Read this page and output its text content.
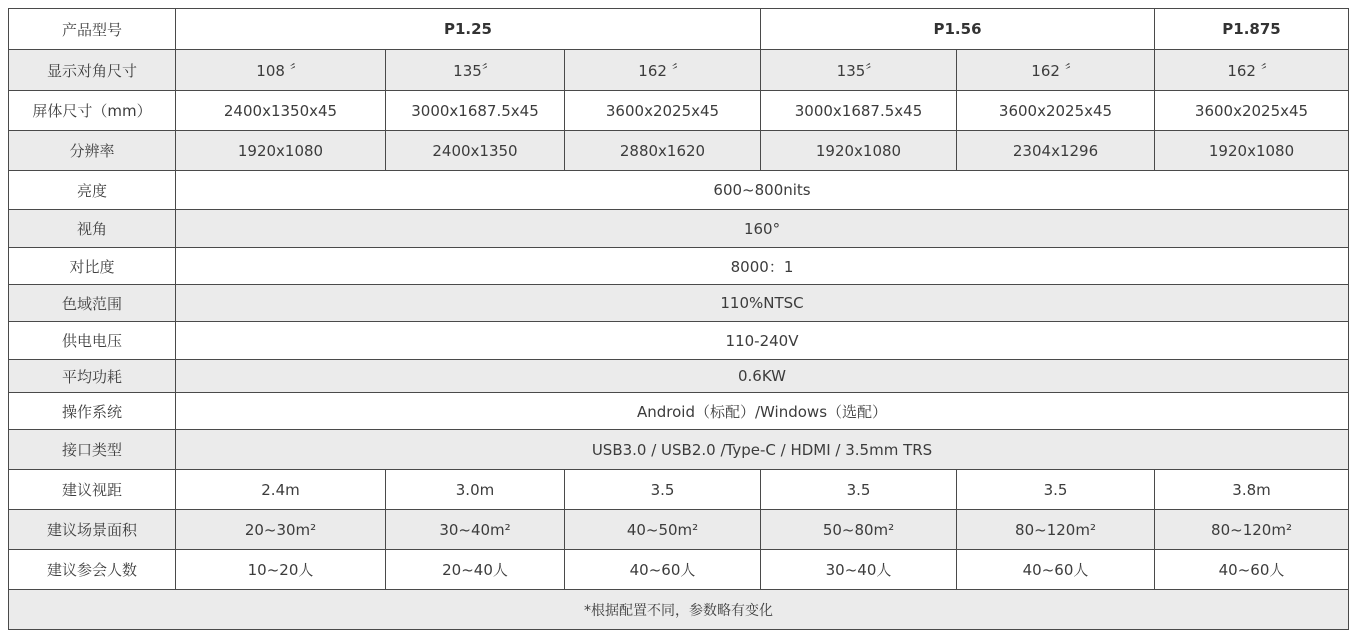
产品型号	P1.25			P1.56		P1.875
显示对角尺寸	108 〞	135〞	162 〞	135〞	162 〞	162 〞
屏体尺寸（mm）	2400x1350x45	3000x1687.5x45	3600x2025x45	3000x1687.5x45	3600x2025x45	3600x2025x45
分辨率	1920x1080	2400x1350	2880x1620	1920x1080	2304x1296	1920x1080
亮度	600~800nits					
视角	160°					
对比度	8000：1					
色域范围	110%NTSC					
供电电压	110-240V					
平均功耗	0.6KW					
操作系统	Android（标配）/Windows（选配）					
接口类型	USB3.0 / USB2.0 /Type-C / HDMI / 3.5mm TRS					
建议视距	2.4m	3.0m	3.5	3.5	3.5	3.8m
建议场景面积	20~30m²	30~40m²	40~50m²	50~80m²	80~120m²	80~120m²
建议参会人数	10~20人	20~40人	40~60人	30~40人	40~60人	40~60人
*根据配置不同，参数略有变化						
